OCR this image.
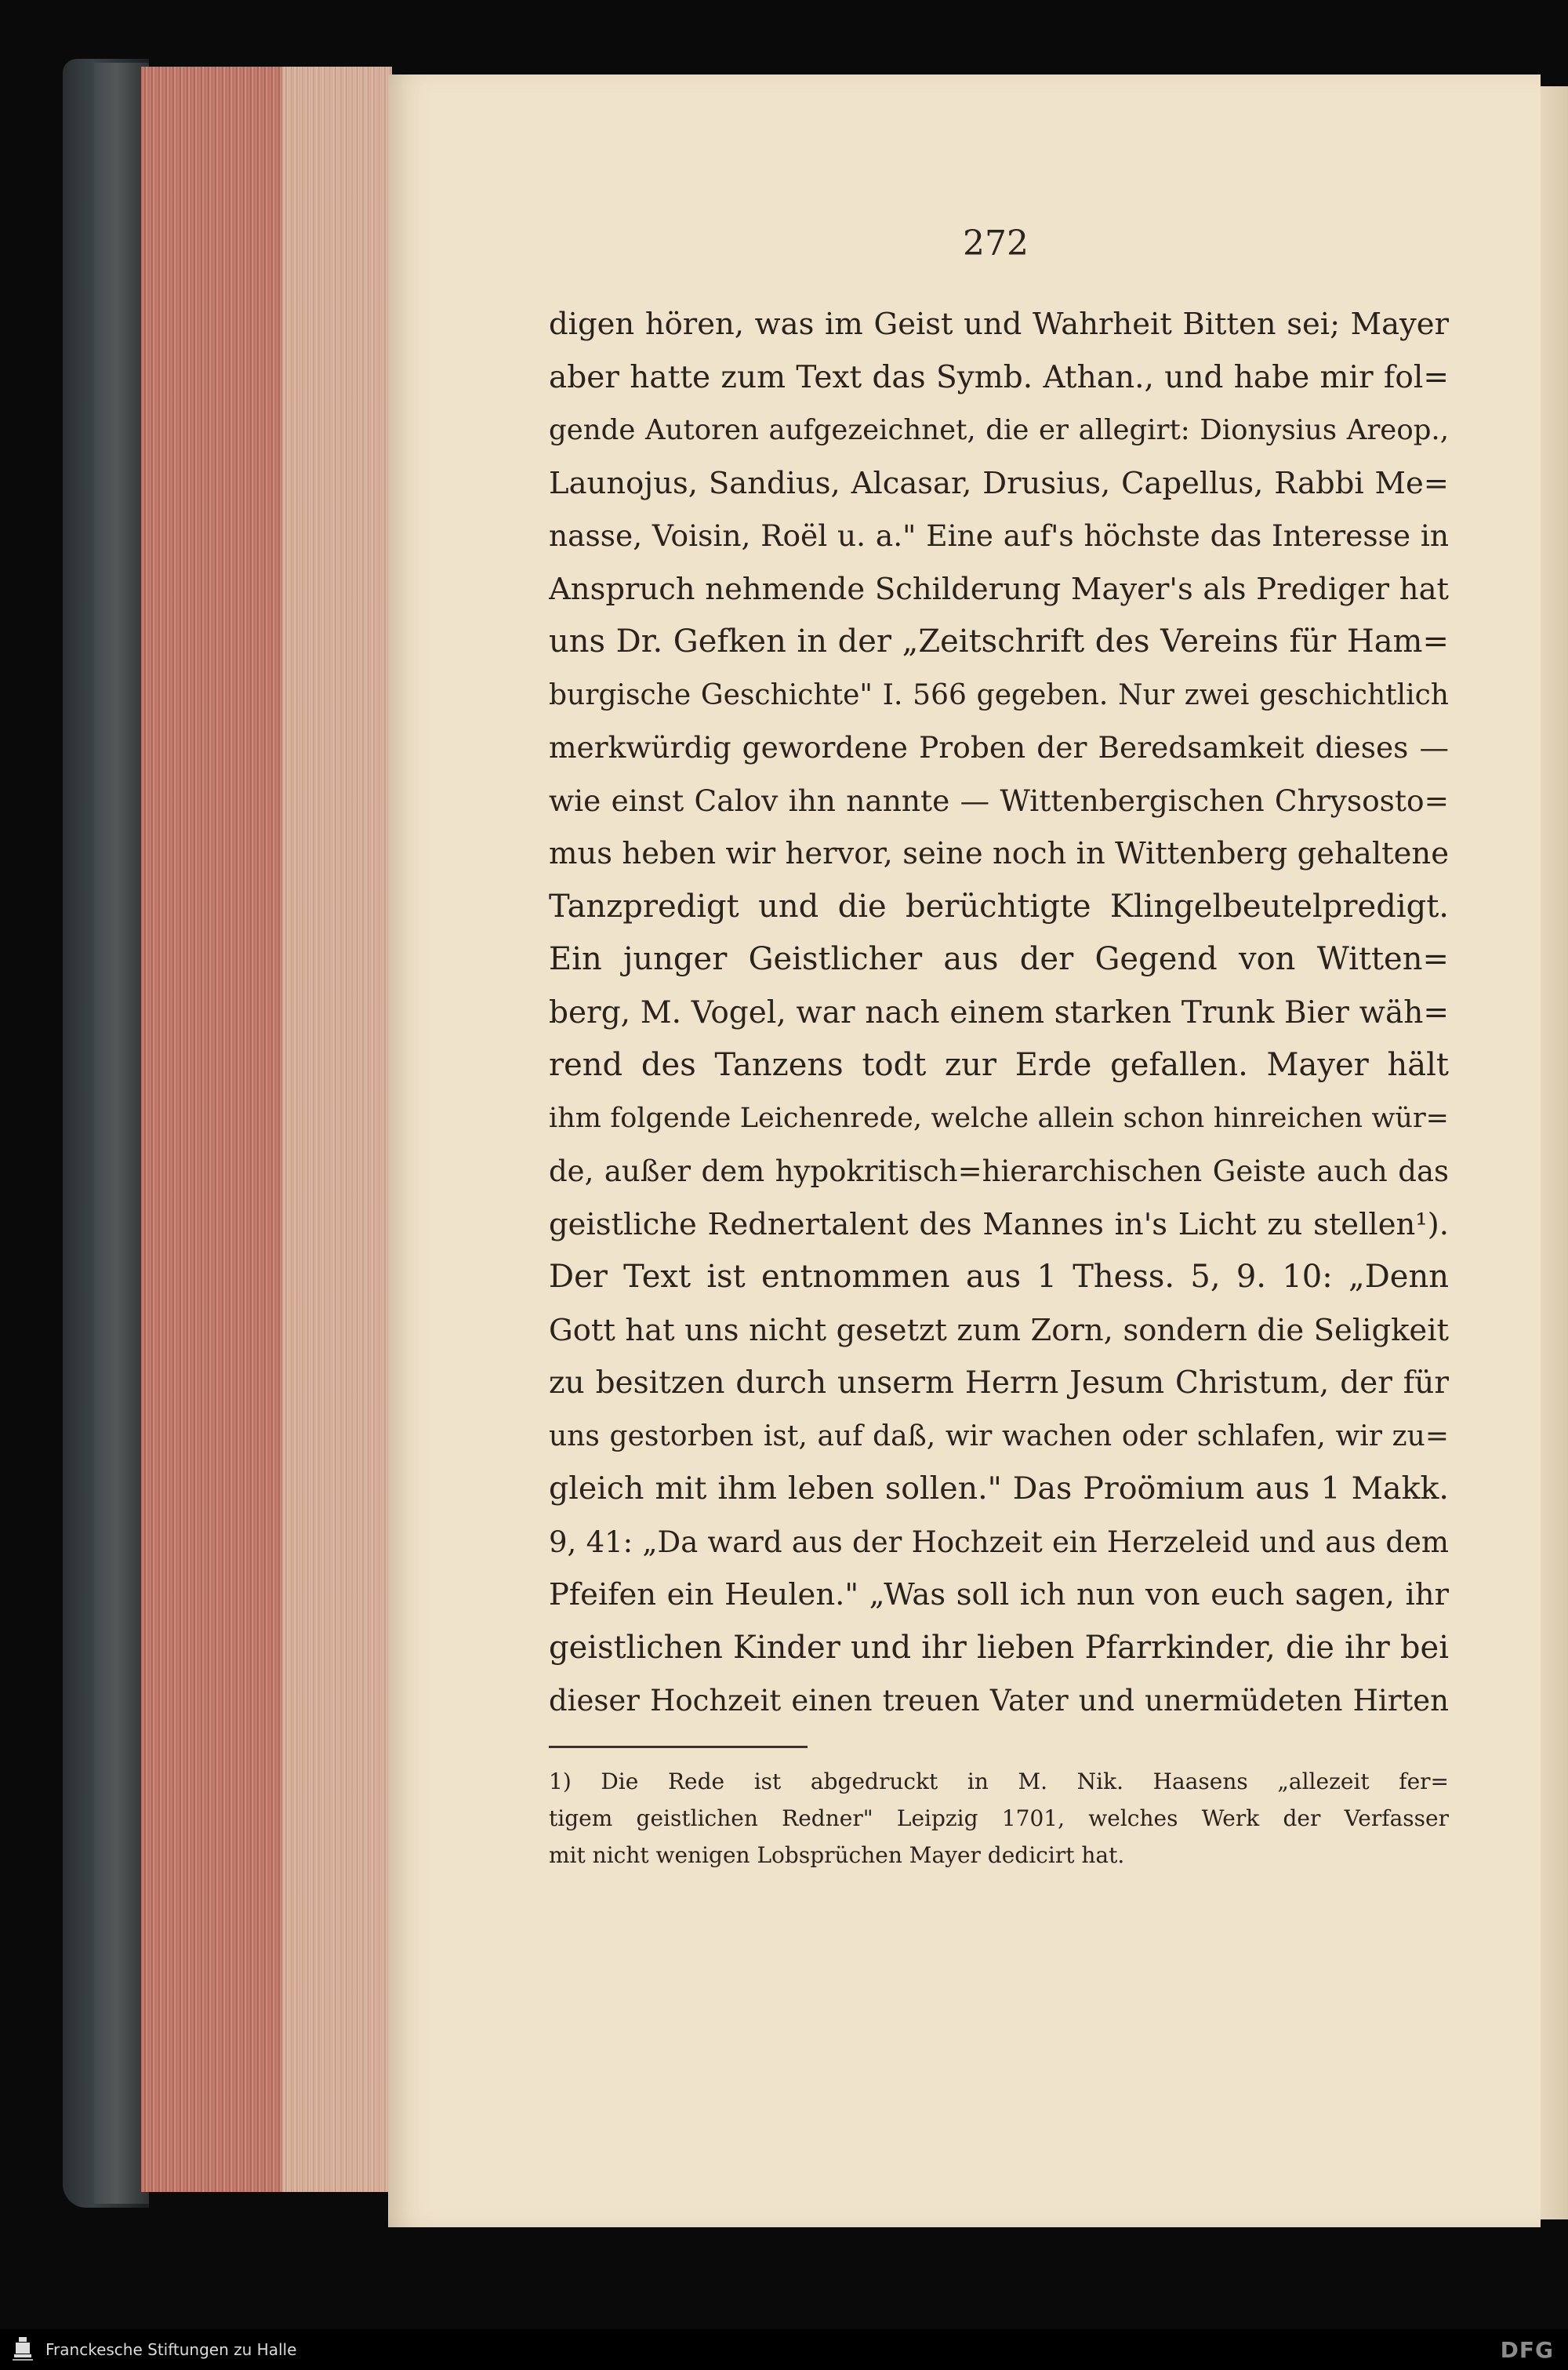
272
digen hören, was im Geist und Wahrheit Bitten sei; Mayer
aber hatte zum Text das Symb. Athan., und habe mir fol=
gende Autoren aufgezeichnet, die er allegirt: Dionysius Areop.,
Launojus, Sandius, Alcasar, Drusius, Capellus, Rabbi Me=
nasse, Voisin, Roël u. a." Eine auf's höchste das Interesse in
Anspruch nehmende Schilderung Mayer's als Prediger hat
uns Dr. Gefken in der „Zeitschrift des Vereins für Ham=
burgische Geschichte" I. 566 gegeben. Nur zwei geschichtlich
merkwürdig gewordene Proben der Beredsamkeit dieses —
wie einst Calov ihn nannte — Wittenbergischen Chrysosto=
mus heben wir hervor, seine noch in Wittenberg gehaltene
Tanzpredigt und die berüchtigte Klingelbeutelpredigt.
Ein junger Geistlicher aus der Gegend von Witten=
berg, M. Vogel, war nach einem starken Trunk Bier wäh=
rend des Tanzens todt zur Erde gefallen. Mayer hält
ihm folgende Leichenrede, welche allein schon hinreichen wür=
de, außer dem hypokritisch=hierarchischen Geiste auch das
geistliche Rednertalent des Mannes in's Licht zu stellen¹).
Der Text ist entnommen aus 1 Thess. 5, 9. 10: „Denn
Gott hat uns nicht gesetzt zum Zorn, sondern die Seligkeit
zu besitzen durch unserm Herrn Jesum Christum, der für
uns gestorben ist, auf daß, wir wachen oder schlafen, wir zu=
gleich mit ihm leben sollen." Das Proömium aus 1 Makk.
9, 41: „Da ward aus der Hochzeit ein Herzeleid und aus dem
Pfeifen ein Heulen." „Was soll ich nun von euch sagen, ihr
geistlichen Kinder und ihr lieben Pfarrkinder, die ihr bei
dieser Hochzeit einen treuen Vater und unermüdeten Hirten
1) Die Rede ist abgedruckt in M. Nik. Haasens „allezeit fer=
tigem geistlichen Redner" Leipzig 1701, welches Werk der Verfasser
mit nicht wenigen Lobsprüchen Mayer dedicirt hat.
Franckesche Stiftungen zu Halle	DFG
